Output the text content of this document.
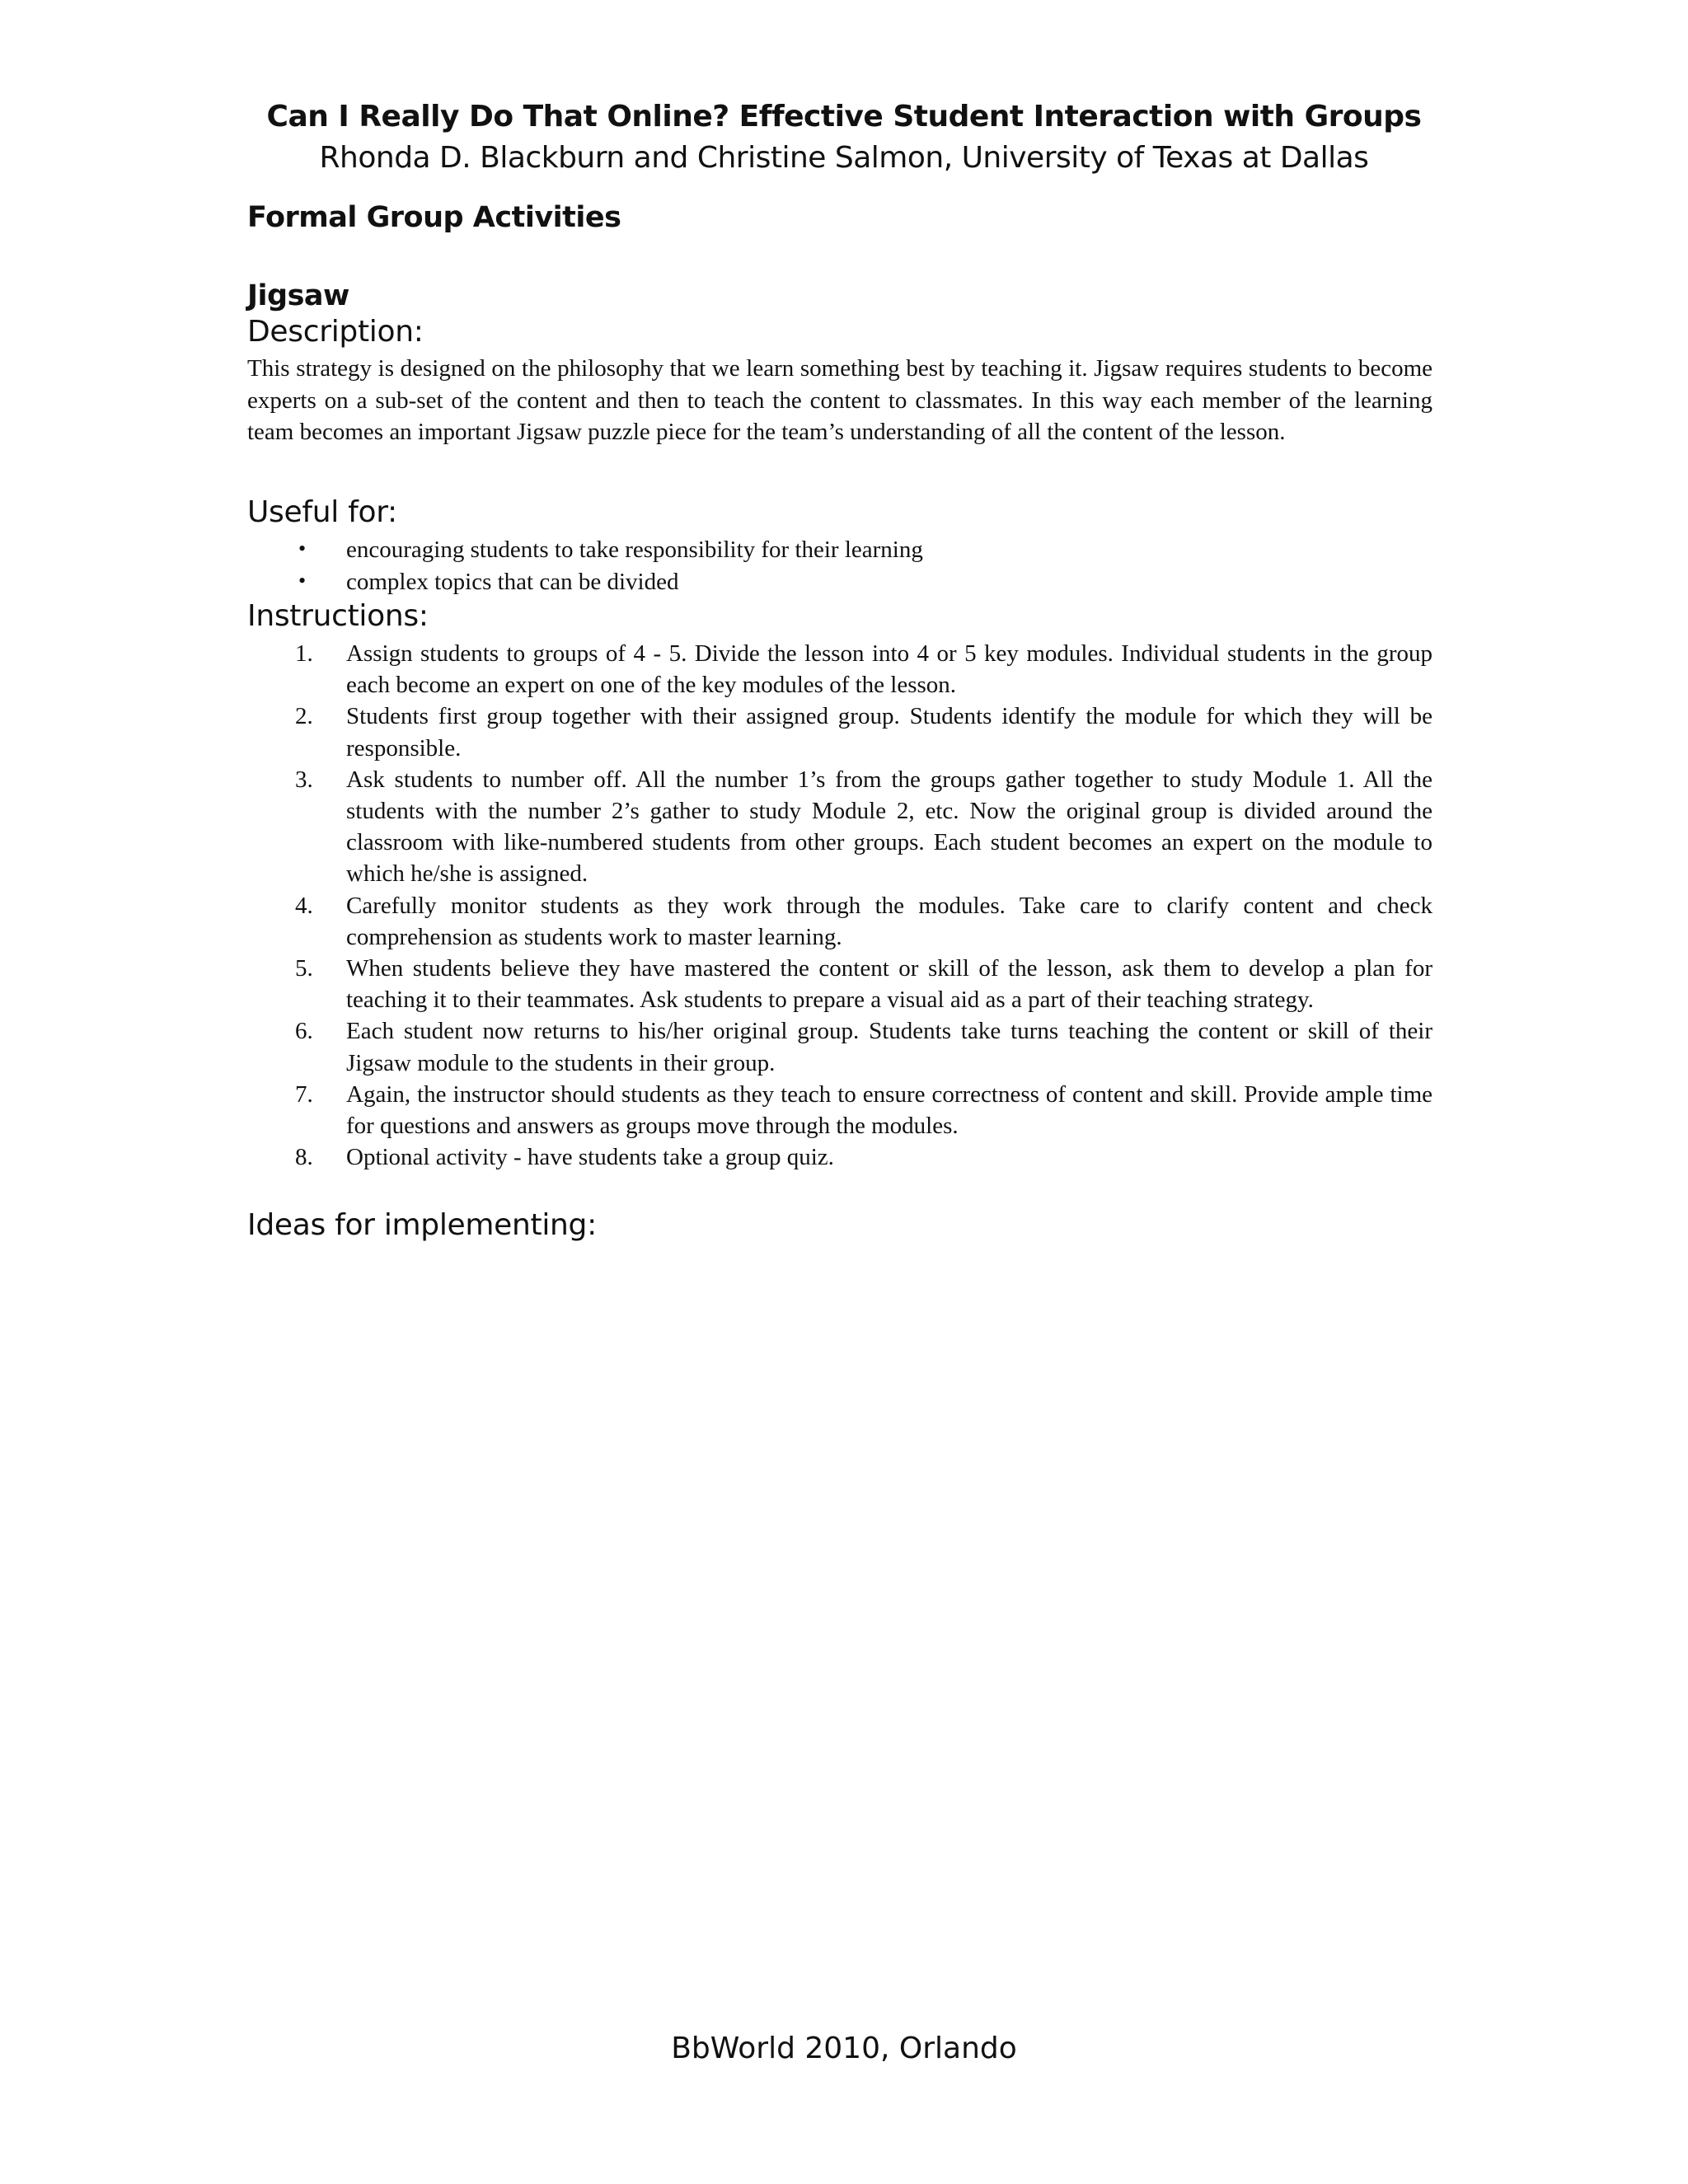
Can I Really Do That Online? Effective Student Interaction with Groups
Rhonda D. Blackburn and Christine Salmon, University of Texas at Dallas
Formal Group Activities
Jigsaw
Description:

This strategy is designed on the philosophy that we learn something best by teaching it. Jigsaw requires students to become experts on a sub-set of the content and then to teach the content to classmates. In this way each member of the learning team becomes an important Jigsaw puzzle piece for the team’s understanding of all the content of the lesson.

Useful for:
• encouraging students to take responsibility for their learning
• complex topics that can be divided
Instructions:
1.	Assign students to groups of 4 - 5. Divide the lesson into 4 or 5 key modules. Individual students in the group each become an expert on one of the key modules of the lesson.
2.	Students first group together with their assigned group. Students identify the module for which they will be responsible.
3.	Ask students to number off. All the number 1’s from the groups gather together to study Module 1. All the students with the number 2’s gather to study Module 2, etc. Now the original group is divided around the classroom with like-numbered students from other groups. Each student becomes an expert on the module to which he/she is assigned.
4.	Carefully monitor students as they work through the modules. Take care to clarify content and check comprehension as students work to master learning.
5.	When students believe they have mastered the content or skill of the lesson, ask them to develop a plan for teaching it to their teammates. Ask students to prepare a visual aid as a part of their teaching strategy.
6.	Each student now returns to his/her original group. Students take turns teaching the content or skill of their Jigsaw module to the students in their group.
7.	Again, the instructor should students as they teach to ensure correctness of content and skill. Provide ample time for questions and answers as groups move through the modules.
8.	Optional activity - have students take a group quiz.
Ideas for implementing:
BbWorld 2010, Orlando
